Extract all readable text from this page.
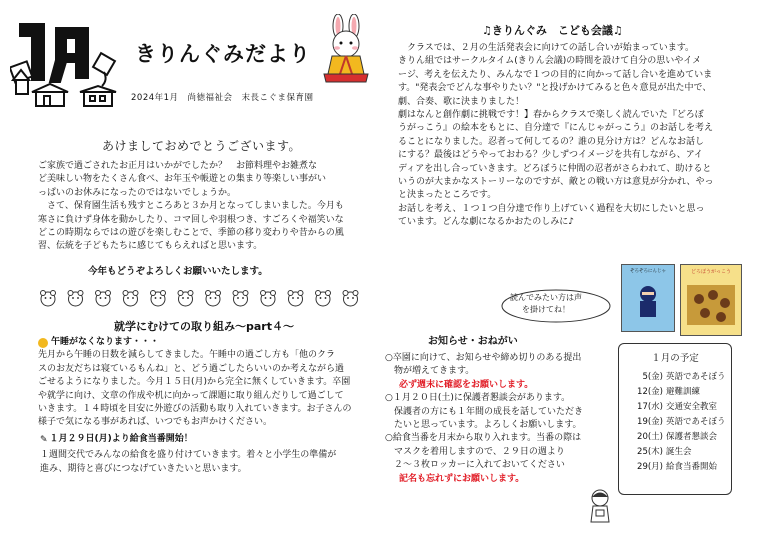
きりんぐみだより
2024年1月　尚徳福祉会　末長こぐま保育園
あけましておめでとうございます。
ご家族で過ごされたお正月はいかがでしたか？　お節料理やお雑煮な
ど美味しい物をたくさん食べ、お年玉や帳遊との集まり等楽しい事がい
っぱいのお休みになったのではないでしょうか。
　さて、保育園生活も残すところあと３か月となってしまいました。今月も
寒さに負けず身体を動かしたり、コマ回しや羽根つき、すごろくや福笑いな
どこの時期ならではの遊びを楽しむことで、季節の移り変わりや昔からの風
習、伝統を子どもたちに感じてもらえればと思います。
今年もどうぞよろしくお願いいたします。
就学にむけての取り組み～part４～
午睡がなくなります・・・
先月から午睡の日数を減らしてきました。午睡中の過ごし方も「他のクラ
スのお友だちは寝ているもんね」と、どう過ごしたらいいのか考えながら過
ごせるようになりました。今月１５日(月)から完全に無くしていきます。卒園
や就学に向け、文章の作成や机に向かって課題に取り組んだりして過ごして
いきます。１４時頃を目安に外遊びの活動も取り入れていきます。お子さんの
様子で気になる事があれば、いつでもお声かけください。
✎ １月２９日(月)より給食当番開始！
１週間交代でみんなの給食を盛り付けていきます。着々と小学生の準備が
進み、期待と喜びにつなげていきたいと思います。
♫きりんぐみ　こども会議♫
　クラスでは、２月の生活発表会に向けての話し合いが始まっています。
きりん組ではサークルタイム(きりん会議)の時間を設けて自分の思いやイメ
ージ、考えを伝えたり、みんなで１つの目的に向かって話し合いを進めていま
す。"発表会でどんな事やりたい？"と投げかけてみると色々意見が出た中で、
劇、合奏、歌に決まりました！
劇はなんと創作劇に挑戦です！】春からクラスで楽しく読んでいた『どろぼ
うがっこう』の絵本をもとに、自分達で『にんじゃがっこう』のお話しを考え
ることになりました。忍者って何してるの？誰の見分け方は？どんなお話し
にする？最後はどうやっておわる？少しずつイメージを共有しながら、アイ
ディアを出し合っていきます。どろぼうに仲間の忍者がさらわれて、助けると
いうのが大まかなストーリーなのですが、敵との戦い方は意見が分かれ、やっ
と決まったところです。
お話しを考え、１つ１つ自分達で作り上げていく過程を大切にしたいと思っ
ています。どんな劇になるかおたのしみに♪
読んでみたい方は声
を掛けてね！
ぞろぞろにんじゃ	どろぼうがっこう
お知らせ・おねがい
○卒園に向けて、お知らせや締め切りのある提出
　物が増えてきます。
必ず週末に確認をお願いします。
○１月２０日(土)に保護者懇談会があります。
　保護者の方にも１年間の成長を話していただき
　たいと思っています。よろしくお願いします。
○給食当番を月末から取り入れます。当番の際は
　マスクを着用しますので、２９日の週より
　２～３枚ロッカーに入れておいてください
記名も忘れずにお願いします。
１月の予定
5(金) 英語であそぼう
12(金) 避難訓練
17(水) 交通安全教室
19(金) 英語であそぼう
20(土) 保護者懇談会
25(木) 誕生会
29(月) 給食当番開始
